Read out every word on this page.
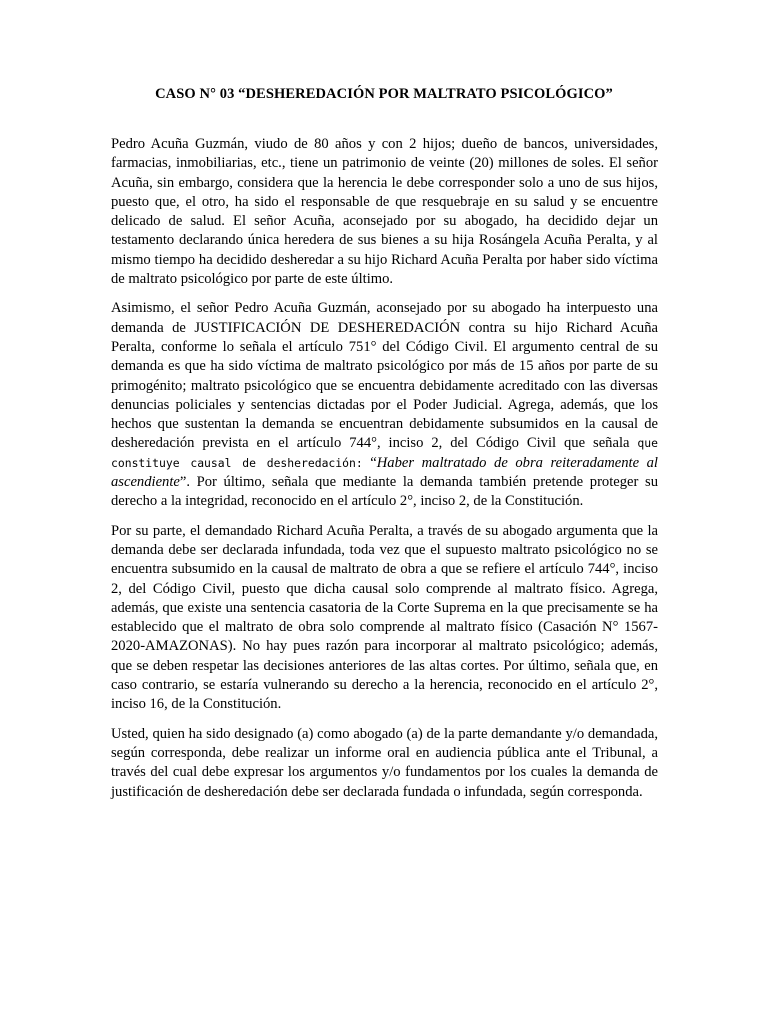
CASO N° 03 “DESHEREDACIÓN POR MALTRATO PSICOLÓGICO”

Pedro Acuña Guzmán, viudo de 80 años y con 2 hijos; dueño de bancos, universidades, farmacias, inmobiliarias, etc., tiene un patrimonio de veinte (20) millones de soles. El señor Acuña, sin embargo, considera que la herencia le debe corresponder solo a uno de sus hijos, puesto que, el otro, ha sido el responsable de que resquebraje en su salud y se encuentre delicado de salud. El señor Acuña, aconsejado por su abogado, ha decidido dejar un testamento declarando única heredera de sus bienes a su hija Rosángela Acuña Peralta, y al mismo tiempo ha decidido desheredar a su hijo Richard Acuña Peralta por haber sido víctima de maltrato psicológico por parte de este último.

Asimismo, el señor Pedro Acuña Guzmán, aconsejado por su abogado ha interpuesto una demanda de JUSTIFICACIÓN DE DESHEREDACIÓN contra su hijo Richard Acuña Peralta, conforme lo señala el artículo 751° del Código Civil. El argumento central de su demanda es que ha sido víctima de maltrato psicológico por más de 15 años por parte de su primogénito; maltrato psicológico que se encuentra debidamente acreditado con las diversas denuncias policiales y sentencias dictadas por el Poder Judicial. Agrega, además, que los hechos que sustentan la demanda se encuentran debidamente subsumidos en la causal de desheredación prevista en el artículo 744°, inciso 2, del Código Civil que señala que constituye causal de desheredación: “Haber maltratado de obra reiteradamente al ascendiente”. Por último, señala que mediante la demanda también pretende proteger su derecho a la integridad, reconocido en el artículo 2°, inciso 2, de la Constitución.

Por su parte, el demandado Richard Acuña Peralta, a través de su abogado argumenta que la demanda debe ser declarada infundada, toda vez que el supuesto maltrato psicológico no se encuentra subsumido en la causal de maltrato de obra a que se refiere el artículo 744°, inciso 2, del Código Civil, puesto que dicha causal solo comprende al maltrato físico. Agrega, además, que existe una sentencia casatoria de la Corte Suprema en la que precisamente se ha establecido que el maltrato de obra solo comprende al maltrato físico (Casación N° 1567-2020-AMAZONAS). No hay pues razón para incorporar al maltrato psicológico; además, que se deben respetar las decisiones anteriores de las altas cortes. Por último, señala que, en caso contrario, se estaría vulnerando su derecho a la herencia, reconocido en el artículo 2°, inciso 16, de la Constitución.

Usted, quien ha sido designado (a) como abogado (a) de la parte demandante y/o demandada, según corresponda, debe realizar un informe oral en audiencia pública ante el Tribunal, a través del cual debe expresar los argumentos y/o fundamentos por los cuales la demanda de justificación de desheredación debe ser declarada fundada o infundada, según corresponda.
